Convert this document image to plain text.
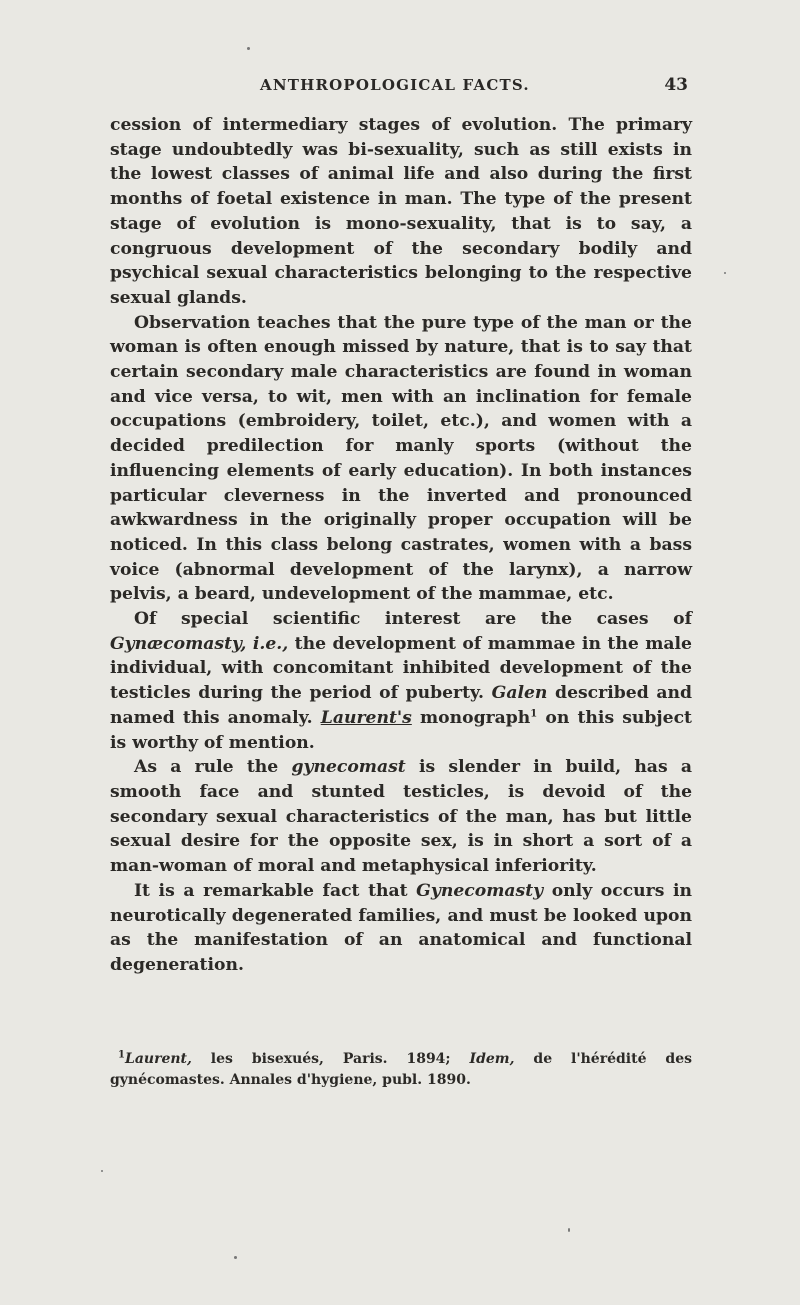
ANTHROPOLOGICAL FACTS.	43

cession of intermediary stages of evolution. The primary stage undoubtedly was bi-sexuality, such as still exists in the lowest classes of animal life and also during the first months of foetal existence in man. The type of the present stage of evolution is mono-sexuality, that is to say, a congruous development of the secondary bodily and psychical sexual characteristics belonging to the respective sexual glands.

Observation teaches that the pure type of the man or the woman is often enough missed by nature, that is to say that certain secondary male characteristics are found in woman and vice versa, to wit, men with an inclination for female occupations (embroidery, toilet, etc.), and women with a decided predilection for manly sports (without the influencing elements of early education). In both instances particular cleverness in the inverted and pronounced awkwardness in the originally proper occupation will be noticed. In this class belong castrates, women with a bass voice (abnormal development of the larynx), a narrow pelvis, a beard, undevelopment of the mammae, etc.

Of special scientific interest are the cases of Gynæcomasty, i.e., the development of mammae in the male individual, with concomitant inhibited development of the testicles during the period of puberty. Galen described and named this anomaly. Laurent's monograph$^1$ on this subject is worthy of mention.

As a rule the gynecomast is slender in build, has a smooth face and stunted testicles, is devoid of the secondary sexual characteristics of the man, has but little sexual desire for the opposite sex, is in short a sort of a man-woman of moral and metaphysical inferiority.

It is a remarkable fact that Gynecomasty only occurs in neurotically degenerated families, and must be looked upon as the manifestation of an anatomical and functional degeneration.

$^1$Laurent, les bisexués, Paris. 1894; Idem, de l'hérédité des gynécomastes. Annales d'hygiene, publ. 1890.
